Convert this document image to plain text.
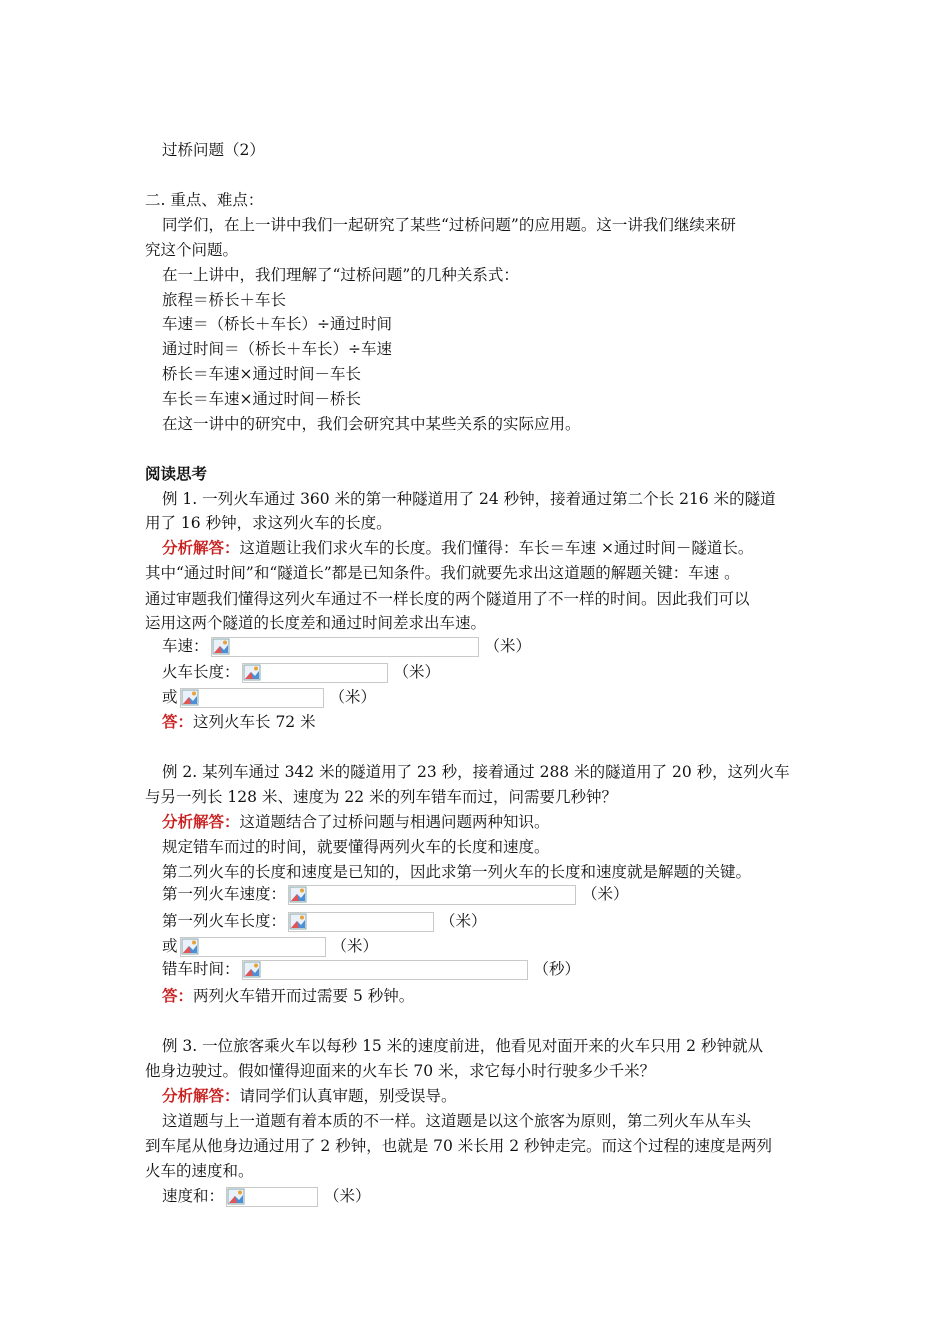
过桥问题（2）
二. 重点、难点：
同学们，在上一讲中我们一起研究了某些“过桥问题”的应用题。这一讲我们继续来研
究这个问题。
在一上讲中，我们理解了“过桥问题”的几种关系式：
旅程＝桥长＋车长
车速＝（桥长＋车长）÷通过时间
通过时间＝（桥长＋车长）÷车速
桥长＝车速×通过时间－车长
车长＝车速×通过时间－桥长
在这一讲中的研究中，我们会研究其中某些关系的实际应用。
阅读思考
例 1. 一列火车通过 360 米的第一种隧道用了 24 秒钟，接着通过第二个长 216 米的隧道
用了 16 秒钟，求这列火车的长度。
分析解答：这道题让我们求火车的长度。我们懂得：车长＝车速 ×通过时间－隧道长。
其中“通过时间”和“隧道长”都是已知条件。我们就要先求出这道题的解题关键：车速 。
通过审题我们懂得这列火车通过不一样长度的两个隧道用了不一样的时间。因此我们可以
运用这两个隧道的长度差和通过时间差求出车速。
车速：	（米）
火车长度：	（米）
或	（米）
答：这列火车长 72 米
例 2. 某列车通过 342 米的隧道用了 23 秒，接着通过 288 米的隧道用了 20 秒，这列火车
与另一列长 128 米、速度为 22 米的列车错车而过，问需要几秒钟？
分析解答：这道题结合了过桥问题与相遇问题两种知识。
规定错车而过的时间，就要懂得两列火车的长度和速度。
第二列火车的长度和速度是已知的，因此求第一列火车的长度和速度就是解题的关键。
第一列火车速度：	（米）
第一列火车长度：	（米）
或	（米）
错车时间：	（秒）
答：两列火车错开而过需要 5 秒钟。
例 3. 一位旅客乘火车以每秒 15 米的速度前进，他看见对面开来的火车只用 2 秒钟就从
他身边驶过。假如懂得迎面来的火车长 70 米，求它每小时行驶多少千米？
分析解答：请同学们认真审题，别受误导。
这道题与上一道题有着本质的不一样。这道题是以这个旅客为原则，第二列火车从车头
到车尾从他身边通过用了 2 秒钟，也就是 70 米长用 2 秒钟走完。而这个过程的速度是两列
火车的速度和。
速度和：	（米）
